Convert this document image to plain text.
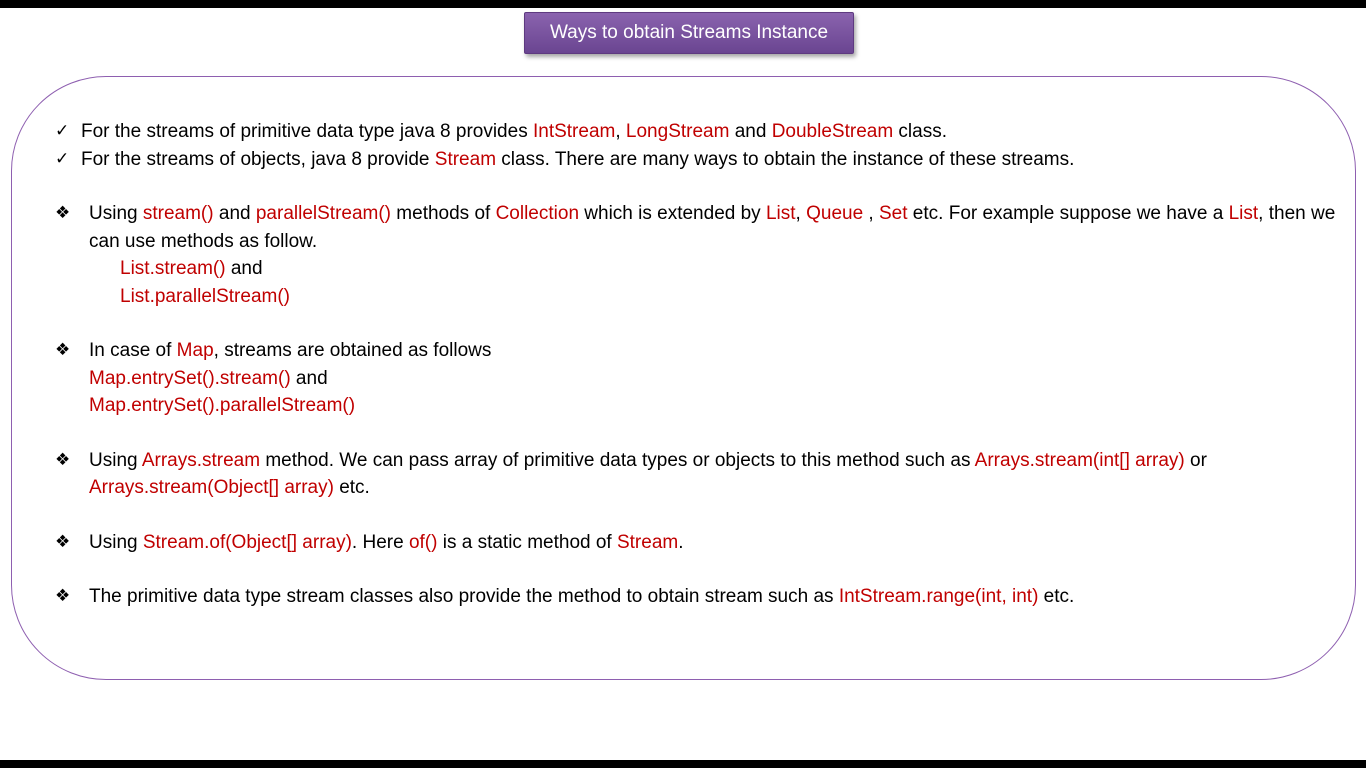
Ways to obtain Streams Instance
✓ For the streams of primitive data type java 8 provides IntStream, LongStream and DoubleStream class.
✓ For the streams of objects, java 8 provide Stream class. There are many ways to obtain the instance of these streams.
❖ Using stream() and parallelStream() methods of Collection which is extended by List, Queue , Set etc. For example suppose we have a List, then we can use methods as follow.
List.stream() and
List.parallelStream()
❖ In case of Map, streams are obtained as follows
Map.entrySet().stream() and
Map.entrySet().parallelStream()
❖ Using Arrays.stream method. We can pass array of primitive data types or objects to this method such as Arrays.stream(int[] array) or Arrays.stream(Object[] array) etc.
❖ Using Stream.of(Object[] array). Here of() is a static method of Stream.
❖ The primitive data type stream classes also provide the method to obtain stream such as IntStream.range(int, int) etc.
